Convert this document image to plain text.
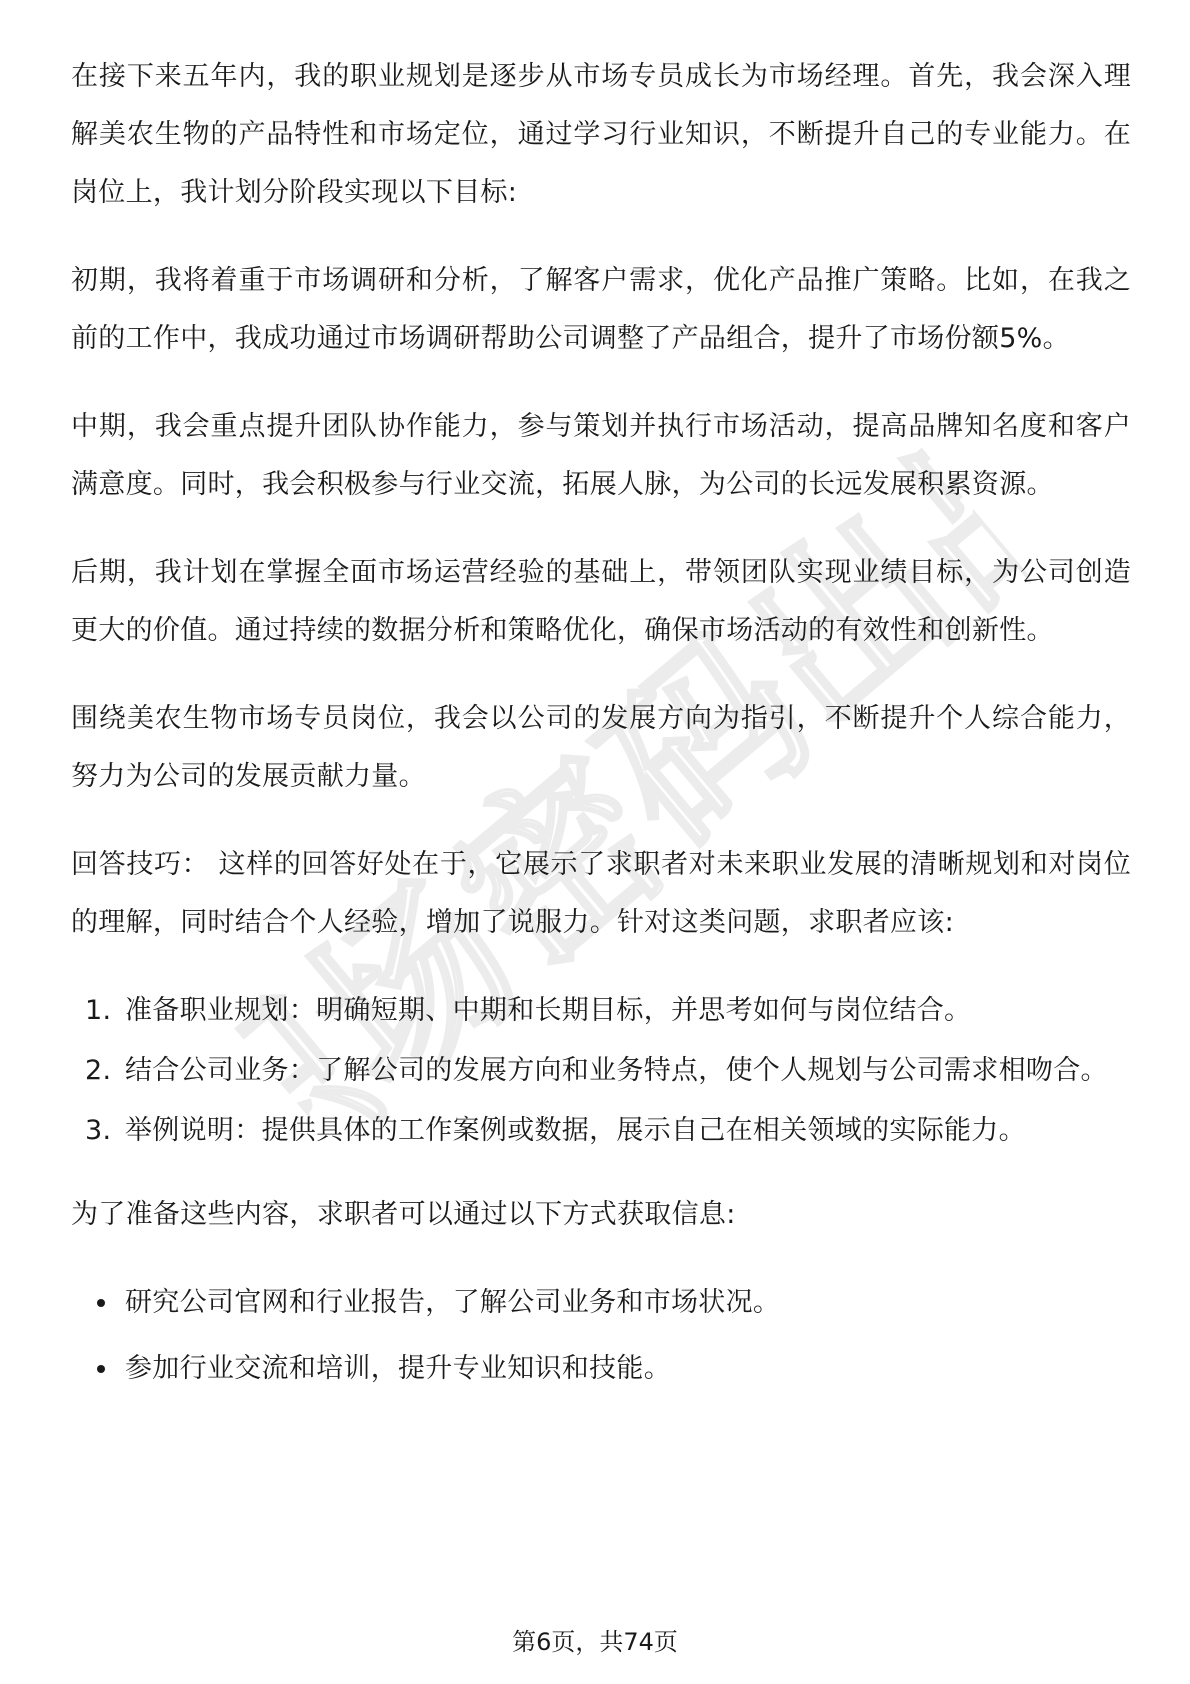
职场密码出品

在接下来五年内，我的职业规划是逐步从市场专员成长为市场经理。首先，我会深入理解美农生物的产品特性和市场定位，通过学习行业知识，不断提升自己的专业能力。在岗位上，我计划分阶段实现以下目标:

初期，我将着重于市场调研和分析，了解客户需求，优化产品推广策略。比如，在我之前的工作中，我成功通过市场调研帮助公司调整了产品组合，提升了市场份额5%。

中期，我会重点提升团队协作能力，参与策划并执行市场活动，提高品牌知名度和客户满意度。同时，我会积极参与行业交流，拓展人脉，为公司的长远发展积累资源。

后期，我计划在掌握全面市场运营经验的基础上，带领团队实现业绩目标，为公司创造更大的价值。通过持续的数据分析和策略优化，确保市场活动的有效性和创新性。

围绕美农生物市场专员岗位，我会以公司的发展方向为指引，不断提升个人综合能力，努力为公司的发展贡献力量。

回答技巧： 这样的回答好处在于，它展示了求职者对未来职业发展的清晰规划和对岗位的理解，同时结合个人经验，增加了说服力。针对这类问题，求职者应该:

1. 准备职业规划：明确短期、中期和长期目标，并思考如何与岗位结合。
2. 结合公司业务：了解公司的发展方向和业务特点，使个人规划与公司需求相吻合。
3. 举例说明：提供具体的工作案例或数据，展示自己在相关领域的实际能力。

为了准备这些内容，求职者可以通过以下方式获取信息:

研究公司官网和行业报告，了解公司业务和市场状况。
参加行业交流和培训，提升专业知识和技能。
第6页，共74页
